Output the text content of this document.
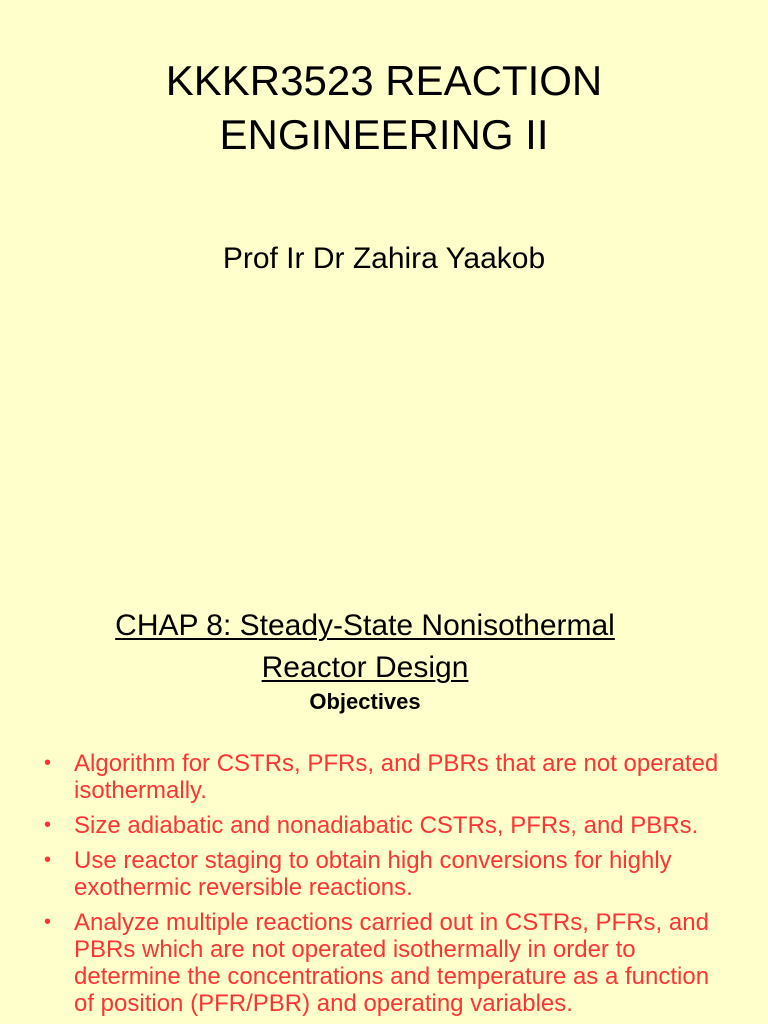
KKKR3523 REACTION
ENGINEERING II
Prof Ir Dr Zahira Yaakob
CHAP 8: Steady-State Nonisothermal
Reactor Design
Objectives
• Algorithm for CSTRs, PFRs, and PBRs that are not operated isothermally.
• Size adiabatic and nonadiabatic CSTRs, PFRs, and PBRs.
• Use reactor staging to obtain high conversions for highly exothermic reversible reactions.
• Analyze multiple reactions carried out in CSTRs, PFRs, and PBRs which are not operated isothermally in order to determine the concentrations and temperature as a function of position (PFR/PBR) and operating variables.
